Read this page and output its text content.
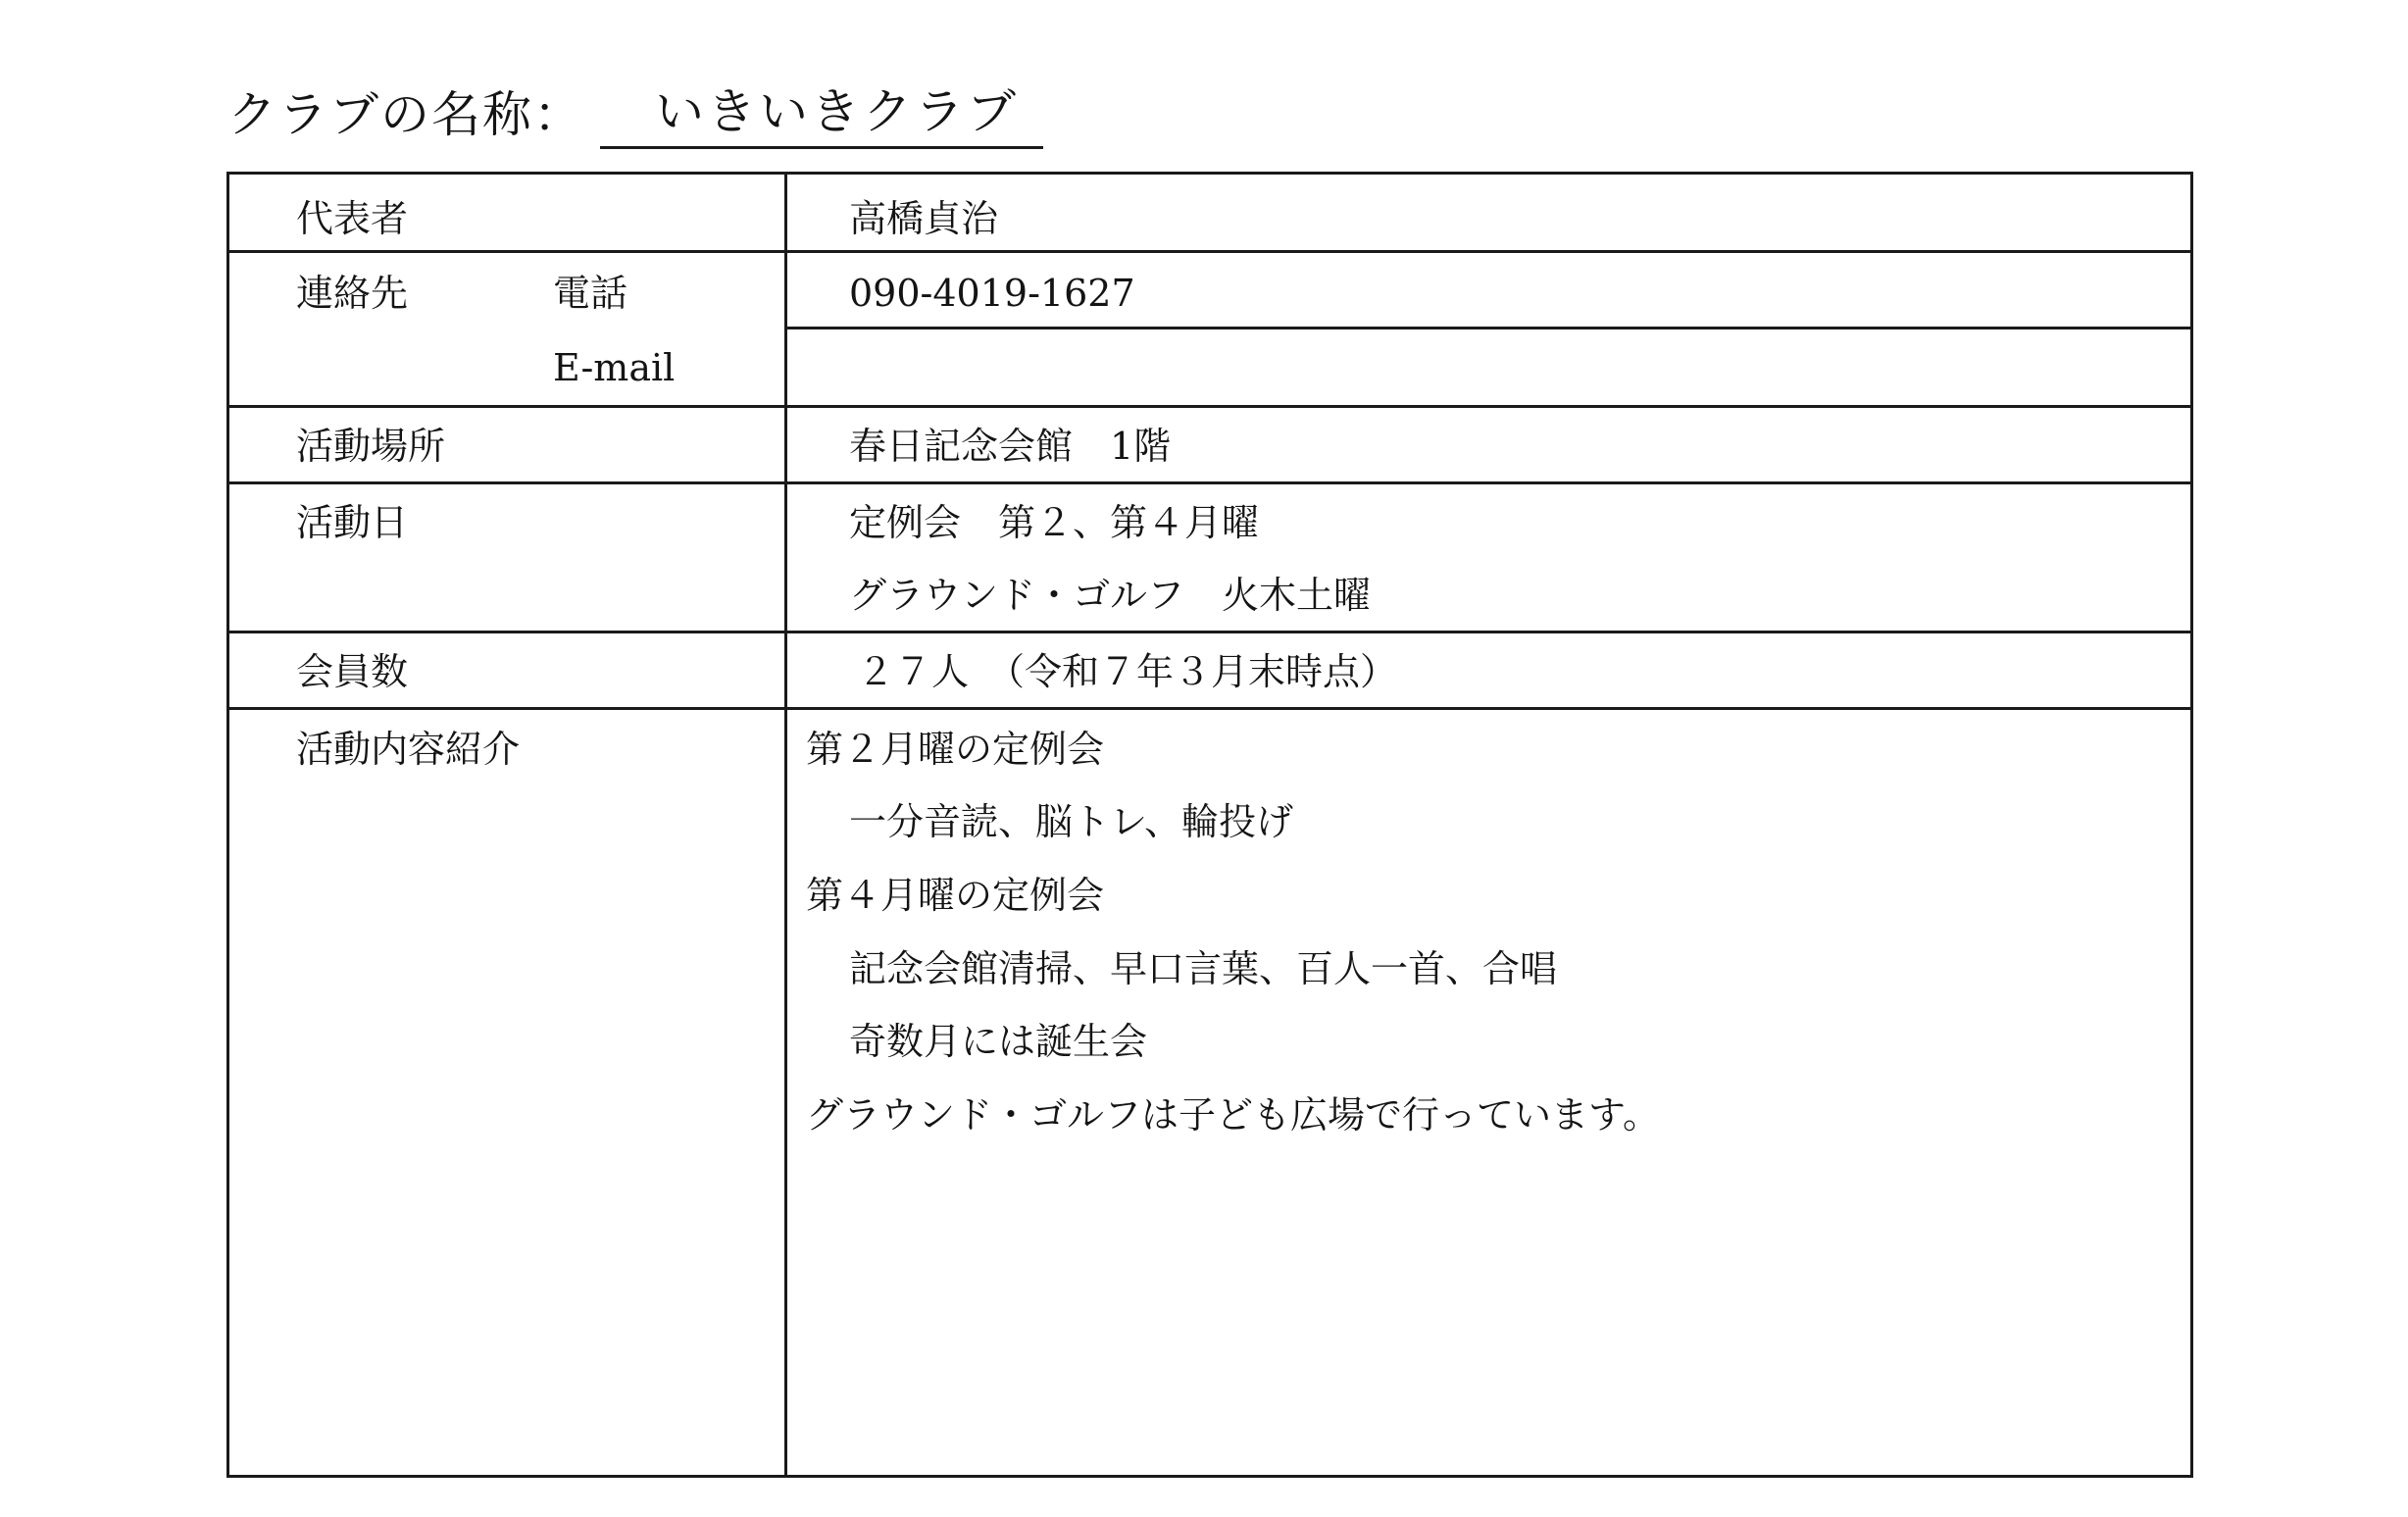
クラブの名称：	いきいきクラブ
代表者	高橋貞治
連絡先	電話	090-4019-1627
E-mail
活動場所	春日記念会館　1階
活動日	定例会　第２、第４月曜
グラウンド・ゴルフ　火木土曜
会員数	２７人　（令和７年３月末時点）
活動内容紹介	第２月曜の定例会
一分音読、脳トレ、輪投げ
第４月曜の定例会
記念会館清掃、早口言葉、百人一首、合唱
奇数月には誕生会
グラウンド・ゴルフは子ども広場で行っています。
